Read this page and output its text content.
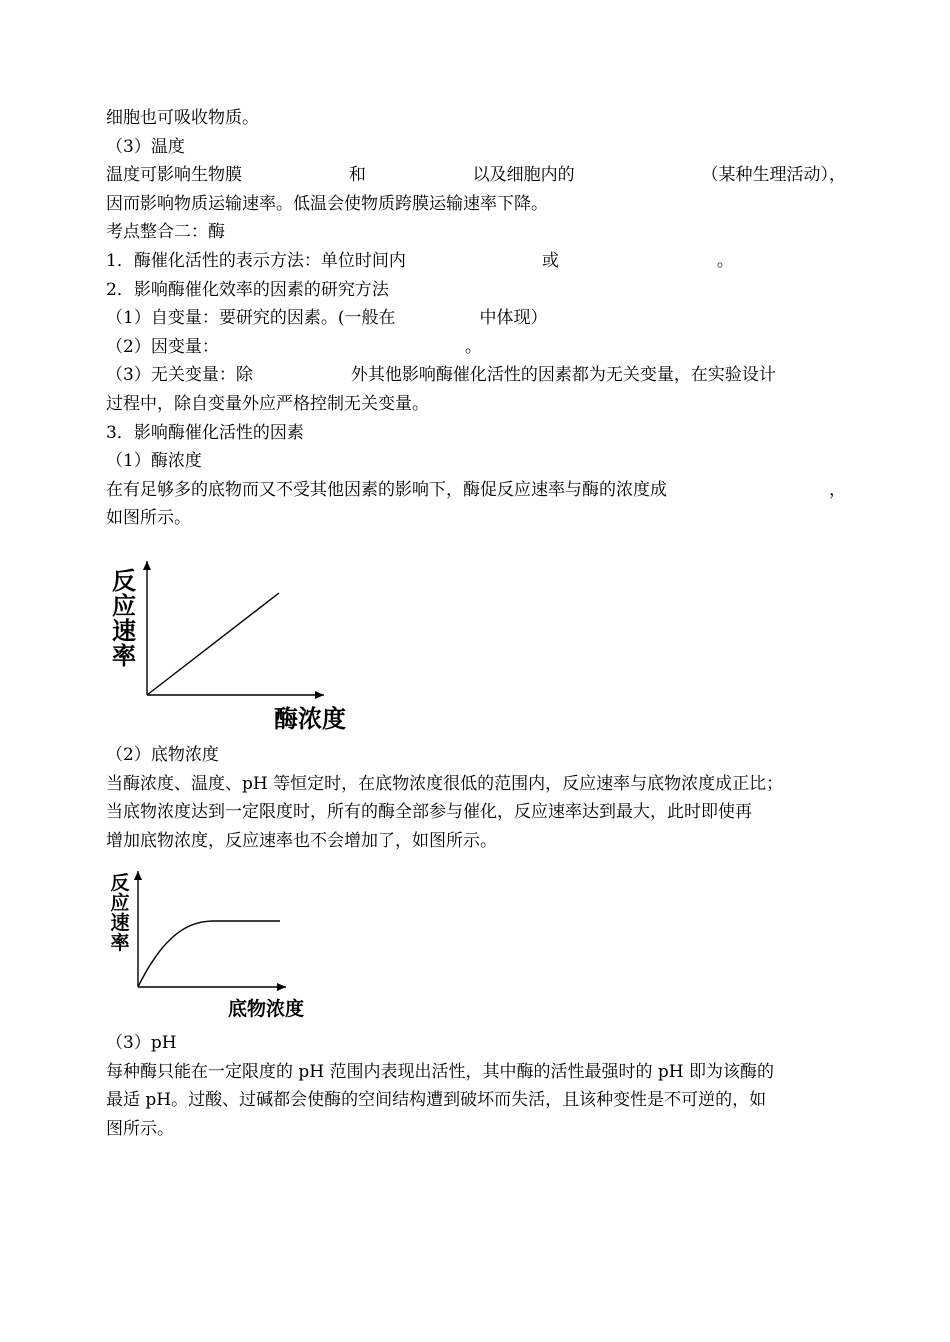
细胞也可吸收物质。
（3）温度
温度可影响生物膜	和	以及细胞内的	（某种生理活动），
因而影响物质运输速率。低温会使物质跨膜运输速率下降。
考点整合二：酶
1．酶催化活性的表示方法：单位时间内	或	。
2．影响酶催化效率的因素的研究方法
（1）自变量：要研究的因素。(一般在	中体现）
（2）因变量：	。
（3）无关变量：除	外其他影响酶催化活性的因素都为无关变量，在实验设计
过程中，除自变量外应严格控制无关变量。
3．影响酶催化活性的因素
（1）酶浓度
在有足够多的底物而又不受其他因素的影响下，酶促反应速率与酶的浓度成	，
如图所示。
反
应
速
率
酶浓度
（2）底物浓度
当酶浓度、温度、pH 等恒定时，在底物浓度很低的范围内，反应速率与底物浓度成正比；
当底物浓度达到一定限度时，所有的酶全部参与催化，反应速率达到最大，此时即使再
增加底物浓度，反应速率也不会增加了，如图所示。
反
应
速
率
底物浓度
（3）pH
每种酶只能在一定限度的 pH 范围内表现出活性，其中酶的活性最强时的 pH 即为该酶的
最适 pH。过酸、过碱都会使酶的空间结构遭到破坏而失活，且该种变性是不可逆的，如
图所示。
